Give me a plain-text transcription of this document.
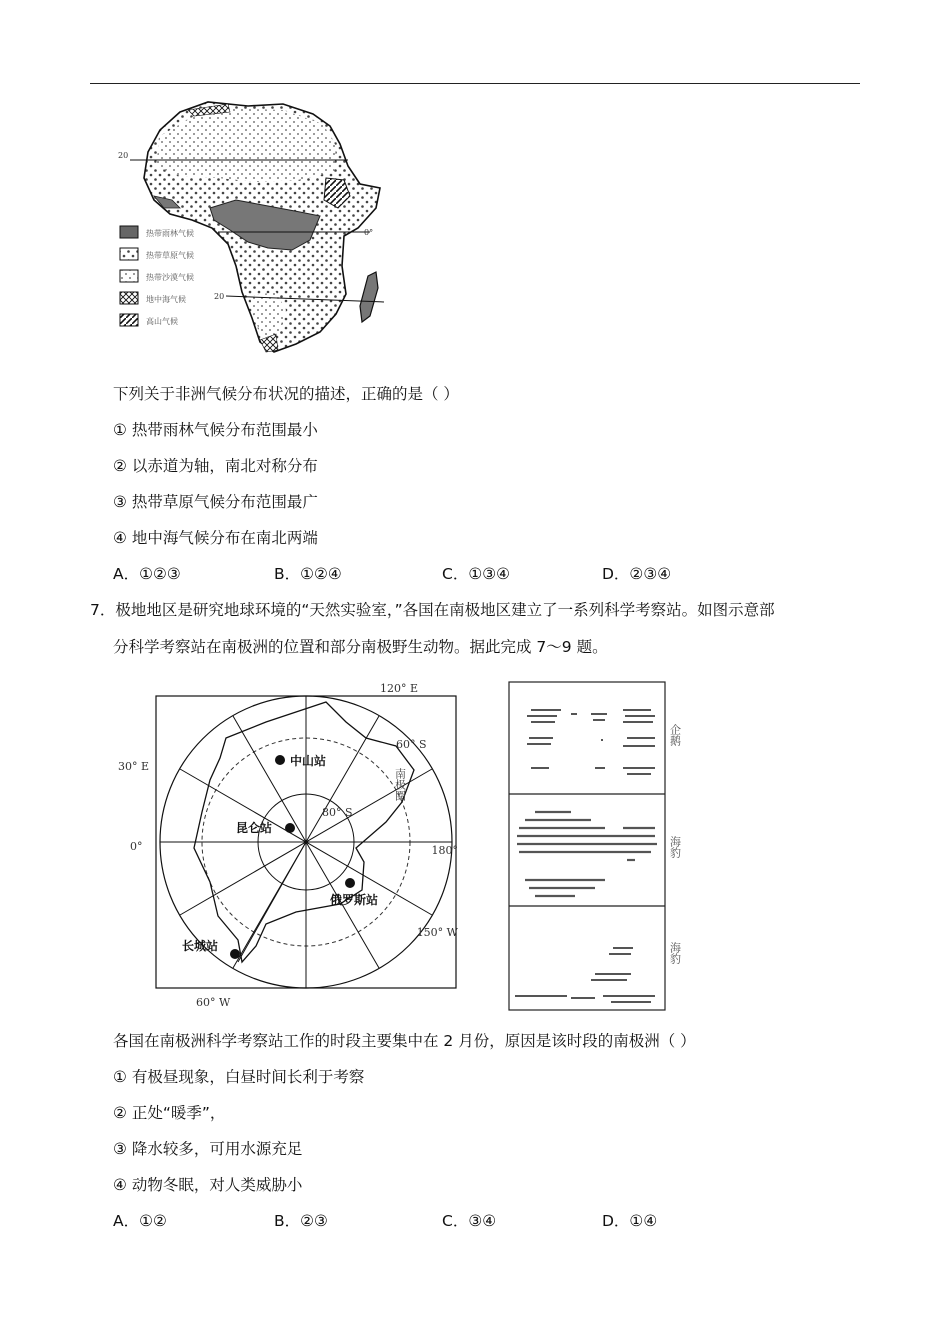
20
0°
20
热带雨林气候
热带草原气候
热带沙漠气候
地中海气候
高山气候
下列关于非洲气候分布状况的描述，正确的是（ ）
① 热带雨林气候分布范围最小
② 以赤道为轴，南北对称分布
③ 热带草原气候分布范围最广
④ 地中海气候分布在南北两端
A．①②③	B．①②④	C．①③④	D．②③④
7．极地地区是研究地球环境的“天然实验室，”各国在南极地区建立了一系列科学考察站。如图示意部
分科学考察站在南极洲的位置和部分南极野生动物。据此完成 7～9 题。
中山站
昆仑站
俄罗斯站
长城站
120° E
30° E
0°	180°
150° W
60° W
60° S
80° S
南极圈
企鹅
海豹
海豹
各国在南极洲科学考察站工作的时段主要集中在 2 月份，原因是该时段的南极洲（ ）
① 有极昼现象，白昼时间长利于考察
② 正处“暖季”，
③ 降水较多，可用水源充足
④ 动物冬眠，对人类威胁小
A．①②	B．②③	C．③④	D．①④
